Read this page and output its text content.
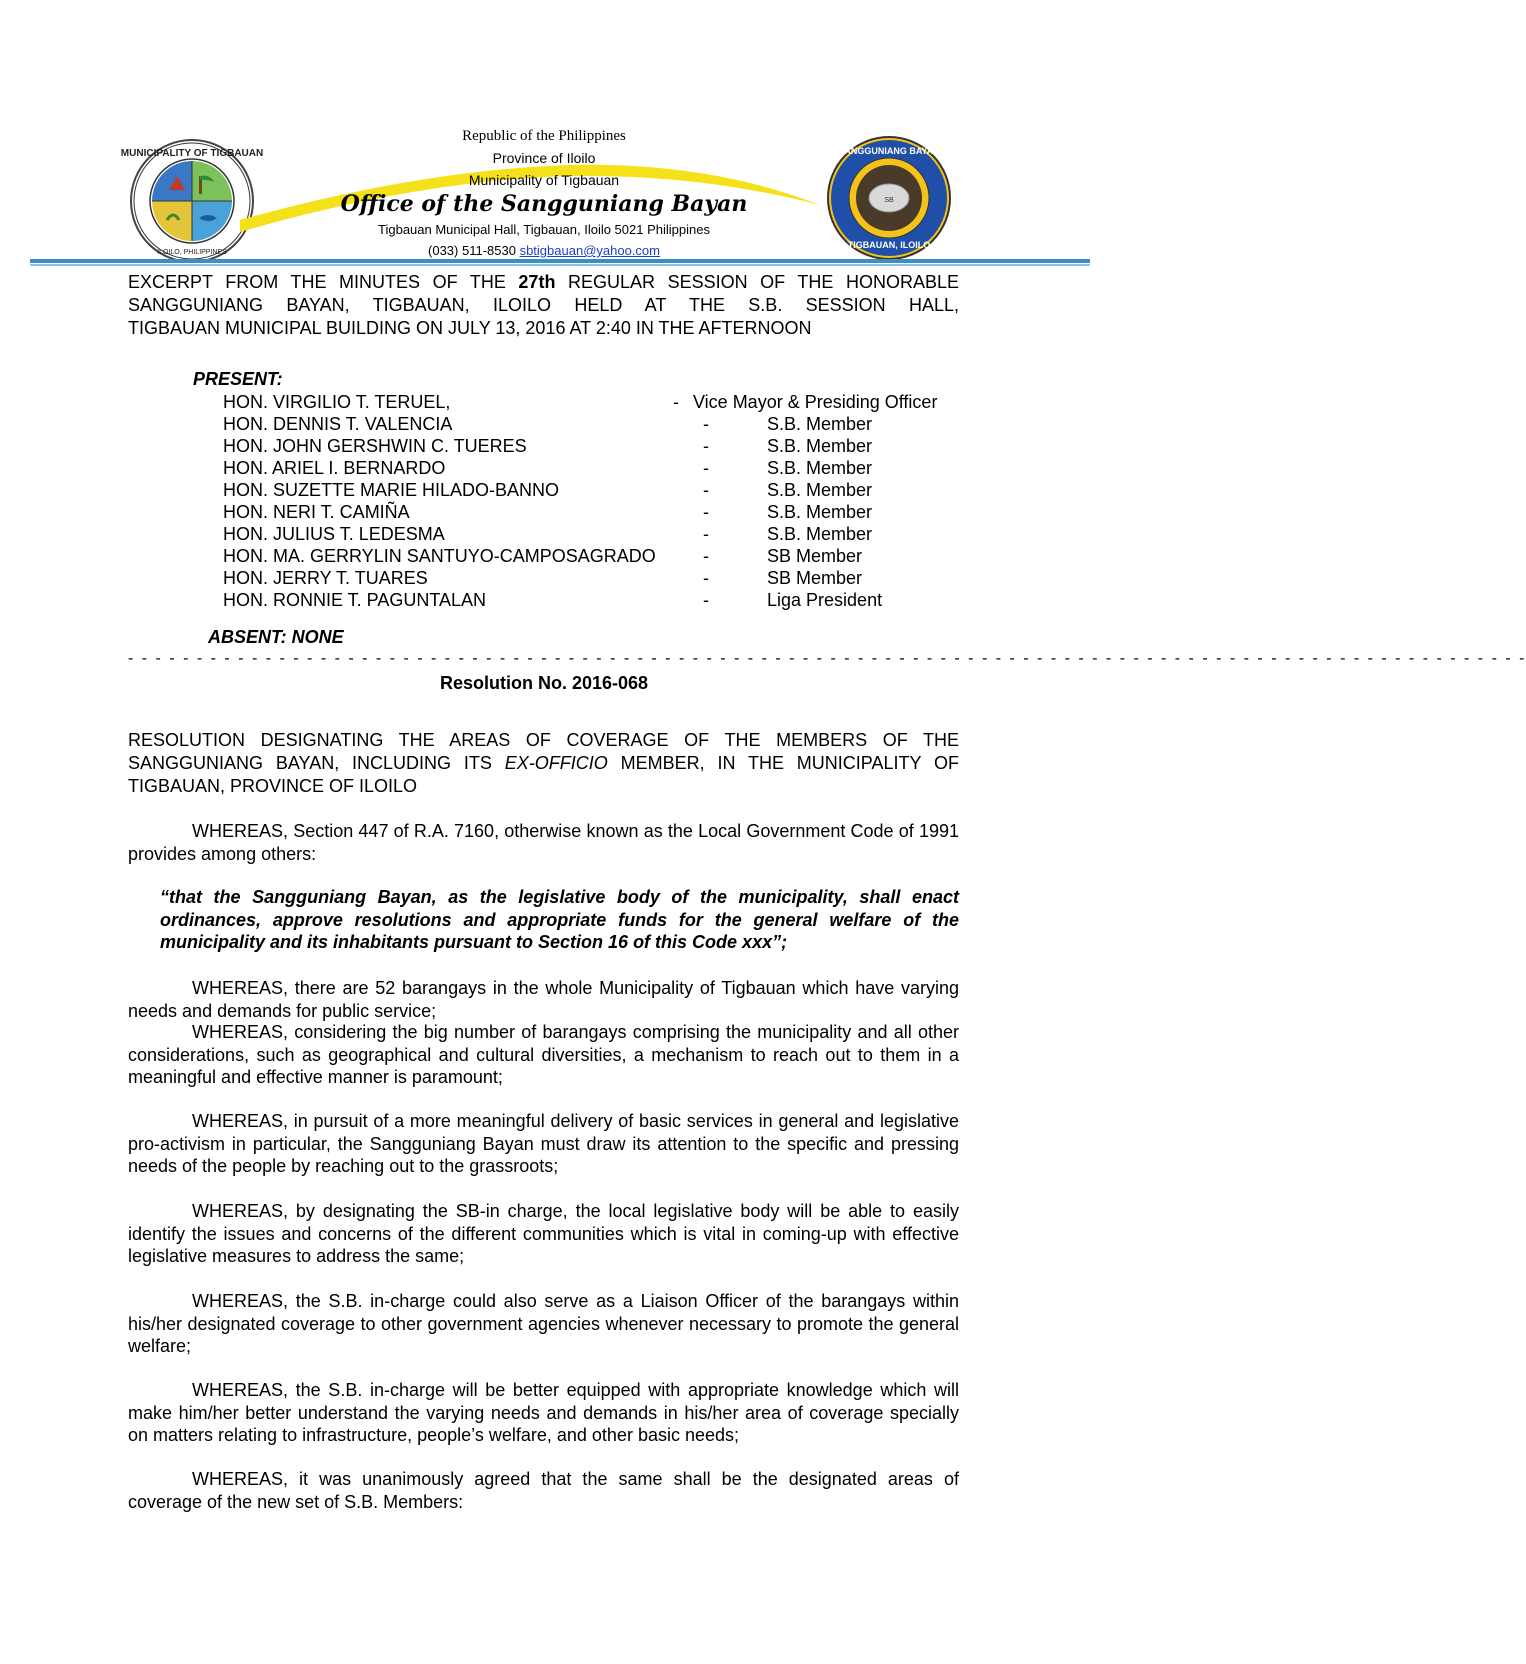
MUNICIPALITY OF TIGBAUAN
ILOILO, PHILIPPINES
SB
SANGGUNIANG BAYAN
TIGBAUAN, ILOILO
Republic of the Philippines
Province of Iloilo
Municipality of Tigbauan
Office of the Sangguniang Bayan
Tigbauan Municipal Hall, Tigbauan, Iloilo 5021 Philippines
(033) 511-8530 sbtigbauan@yahoo.com
EXCERPT FROM THE MINUTES OF THE 27th REGULAR SESSION OF THE HONORABLE
SANGGUNIANG BAYAN, TIGBAUAN, ILOILO HELD AT THE S.B. SESSION HALL,
TIGBAUAN MUNICIPAL BUILDING ON JULY 13, 2016 AT 2:40 IN THE AFTERNOON
PRESENT:
HON. VIRGILIO T. TERUEL,	- Vice Mayor & Presiding Officer
HON. DENNIS T. VALENCIA	-	S.B. Member
HON. JOHN GERSHWIN C. TUERES	-	S.B. Member
HON. ARIEL I. BERNARDO	-	S.B. Member
HON. SUZETTE MARIE HILADO-BANNO	-	S.B. Member
HON. NERI T. CAMIÑA	-	S.B. Member
HON. JULIUS T. LEDESMA	-	S.B. Member
HON. MA. GERRYLIN SANTUYO-CAMPOSAGRADO	-	SB Member
HON. JERRY T. TUARES	-	SB Member
HON. RONNIE T. PAGUNTALAN	-	Liga President
ABSENT: NONE
- - - - - - - - - - - - - - - - - - - - - - - - - - - - - - - - - - - - - - - - - - - - - - - - - - - - - - - - - - - - - - - - - - - - - - - - - - - - - - - - - - - - - - - - - - - - - - - - - - - - - -
Resolution No. 2016-068
RESOLUTION DESIGNATING THE AREAS OF COVERAGE OF THE MEMBERS OF THE
SANGGUNIANG BAYAN, INCLUDING ITS EX-OFFICIO MEMBER, IN THE MUNICIPALITY OF
TIGBAUAN, PROVINCE OF ILOILO
WHEREAS, Section 447 of R.A. 7160, otherwise known as the Local Government Code of 1991 provides among others:
“that the Sangguniang Bayan, as the legislative body of the municipality, shall enact ordinances, approve resolutions and appropriate funds for the general welfare of the municipality and its inhabitants pursuant to Section 16 of this Code xxx”;
WHEREAS, there are 52 barangays in the whole Municipality of Tigbauan which have varying needs and demands for public service;
WHEREAS, considering the big number of barangays comprising the municipality and all other considerations, such as geographical and cultural diversities, a mechanism to reach out to them in a meaningful and effective manner is paramount;
WHEREAS, in pursuit of a more meaningful delivery of basic services in general and legislative pro-activism in particular, the Sangguniang Bayan must draw its attention to the specific and pressing needs of the people by reaching out to the grassroots;
WHEREAS, by designating the SB-in charge, the local legislative body will be able to easily identify the issues and concerns of the different communities which is vital in coming-up with effective legislative measures to address the same;
WHEREAS, the S.B. in-charge could also serve as a Liaison Officer of the barangays within his/her designated coverage to other government agencies whenever necessary to promote the general welfare;
WHEREAS, the S.B. in-charge will be better equipped with appropriate knowledge which will make him/her better understand the varying needs and demands in his/her area of coverage specially on matters relating to infrastructure, people’s welfare, and other basic needs;
WHEREAS, it was unanimously agreed that the same shall be the designated areas of coverage of the new set of S.B. Members:
